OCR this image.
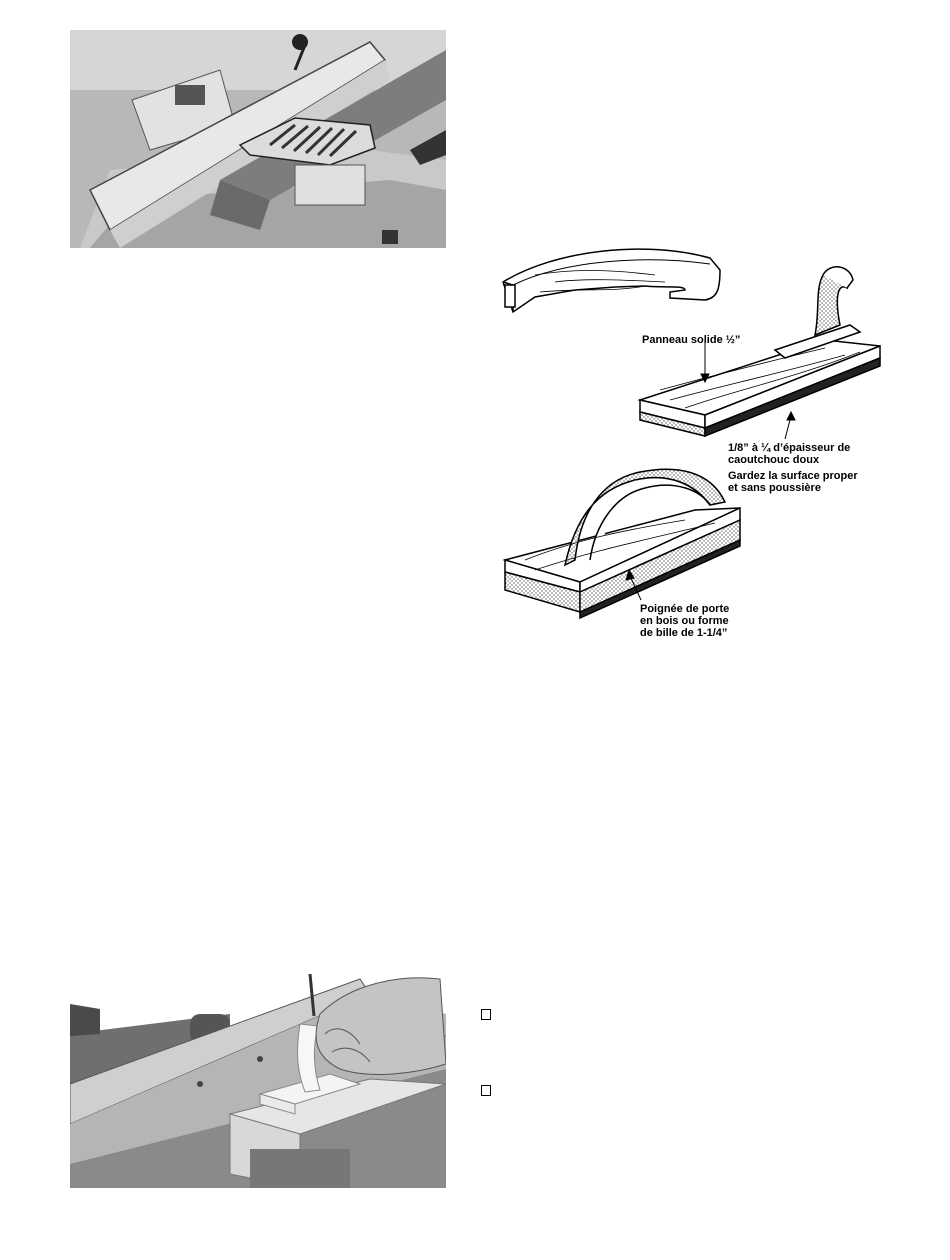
Panneau solide ½”
1/8” à ¼ d’épaisseur de
caoutchouc doux
Gardez la surface proper
et sans poussière
Poignée de porte
en bois ou forme
de bille de 1-1/4”
